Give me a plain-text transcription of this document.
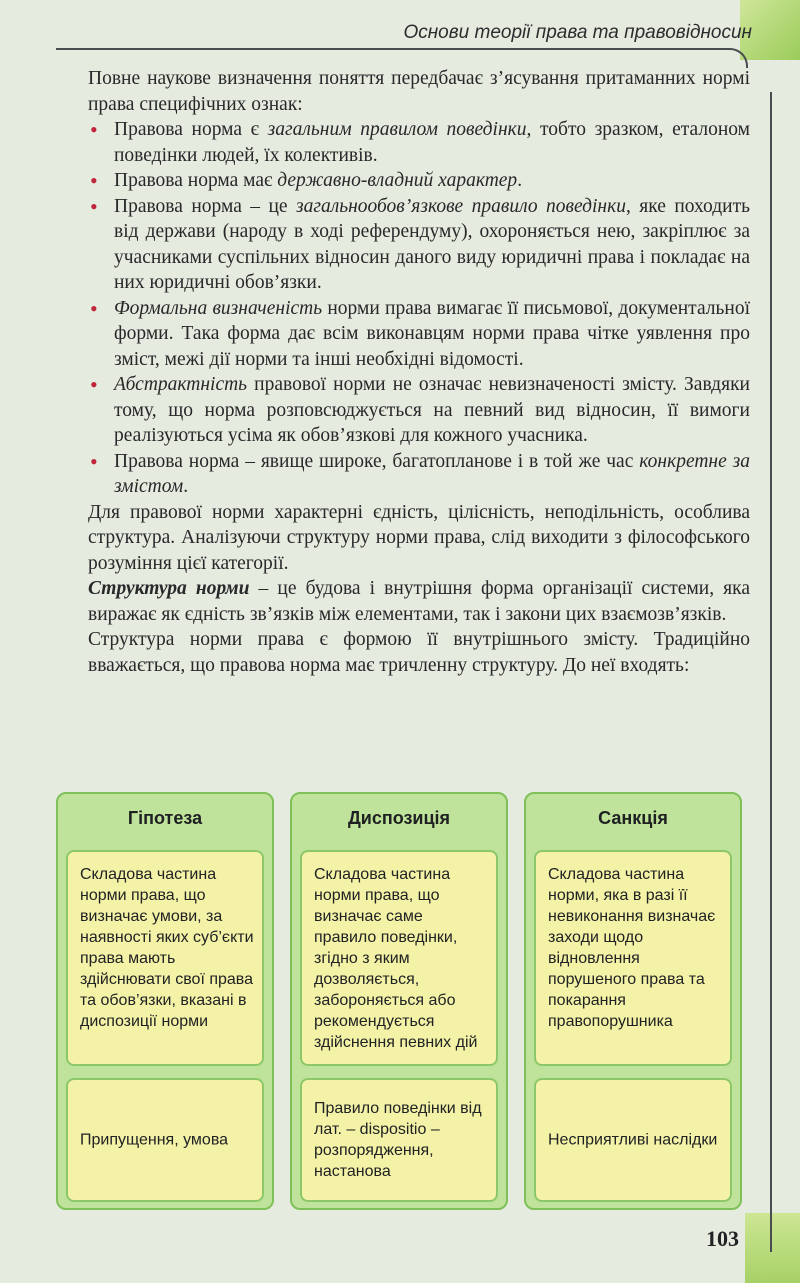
Основи теорії права та правовідносин

Повне наукове визначення поняття передбачає з’ясування притаманних нормі права специфічних ознак:

• Правова норма є загальним правилом поведінки, тобто зразком, еталоном поведінки людей, їх колективів.
• Правова норма має державно-владний характер.
• Правова норма – це загальнообов’язкове правило поведінки, яке походить від держави (народу в ході референдуму), охороняється нею, закріплює за учасниками суспільних відносин даного виду юридичні права і покладає на них юридичні обов’язки.
• Формальна визначеність норми права вимагає її письмової, документальної форми. Така форма дає всім виконавцям норми права чітке уявлення про зміст, межі дії норми та інші необхідні відомості.
• Абстрактність правової норми не означає невизначеності змісту. Завдяки тому, що норма розповсюджується на певний вид відносин, її вимоги реалізуються усіма як обов’язкові для кожного учасника.
• Правова норма – явище широке, багатопланове і в той же час конкретне за змістом.

Для правової норми характерні єдність, цілісність, неподільність, особлива структура. Аналізуючи структуру норми права, слід виходити з філософського розуміння цієї категорії.

Структура норми – це будова і внутрішня форма організації системи, яка виражає як єдність зв’язків між елементами, так і закони цих взаємозв’язків.

Структура норми права є формою її внутрішнього змісту. Традиційно вважається, що правова норма має тричленну структуру. До неї входять:

Гіпотеза
Складова частина норми права, що визначає умови, за наявності яких суб’єкти права мають здійснювати свої права та обов’язки, вказані в диспозиції норми
Припущення, умова
Диспозиція
Складова частина норми права, що визначає саме правило поведінки, згідно з яким дозволяється, забороняється або рекомендується здійснення певних дій
Правило поведінки від лат. – dispositio – розпорядження, настанова
Санкція
Складова частина норми, яка в разі її невиконання визначає заходи щодо відновлення порушеного права та покарання правопорушника
Несприятливі наслідки
103
